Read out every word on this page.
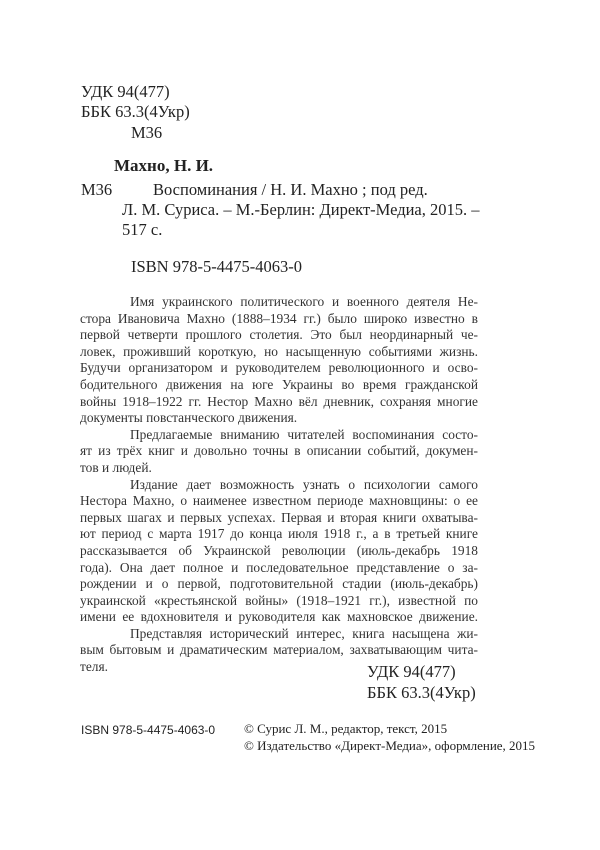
УДК 94(477)
ББК 63.3(4Укр)
М36
Махно, Н. И.
М36 Воспоминания / Н. И. Махно ; под ред.
Л. М. Суриса. – М.-Берлин: Директ-Медиа, 2015. –
517 с.
ISBN 978-5-4475-4063-0

Имя украинского политического и военного деятеля Не-

стора Ивановича Махно (1888–1934 гг.) было широко известно в

первой четверти прошлого столетия. Это был неординарный че-

ловек, проживший короткую, но насыщенную событиями жизнь.

Будучи организатором и руководителем революционного и осво-

бодительного движения на юге Украины во время гражданской

войны 1918–1922 гг. Нестор Махно вёл дневник, сохраняя многие

документы повстанческого движения.

Предлагаемые вниманию читателей воспоминания состо-

ят из трёх книг и довольно точны в описании событий, докумен-

тов и людей.

Издание дает возможность узнать о психологии самого

Нестора Махно, о наименее известном периоде махновщины: о ее

первых шагах и первых успехах. Первая и вторая книги охватыва-

ют период с марта 1917 до конца июля 1918 г., а в третьей книге

рассказывается об Украинской революции (июль-декабрь 1918

года). Она дает полное и последовательное представление о за-

рождении и о первой, подготовительной стадии (июль-декабрь)

украинской «крестьянской войны» (1918–1921 гг.), известной по

имени ее вдохновителя и руководителя как махновское движение.

Представляя исторический интерес, книга насыщена жи-

вым бытовым и драматическим материалом, захватывающим чита-

теля.	УДК 94(477)
ББК 63.3(4Укр)
ISBN 978-5-4475-4063-0 © Сурис Л. М., редактор, текст, 2015
© Издательство «Директ-Медиа», оформление, 2015
